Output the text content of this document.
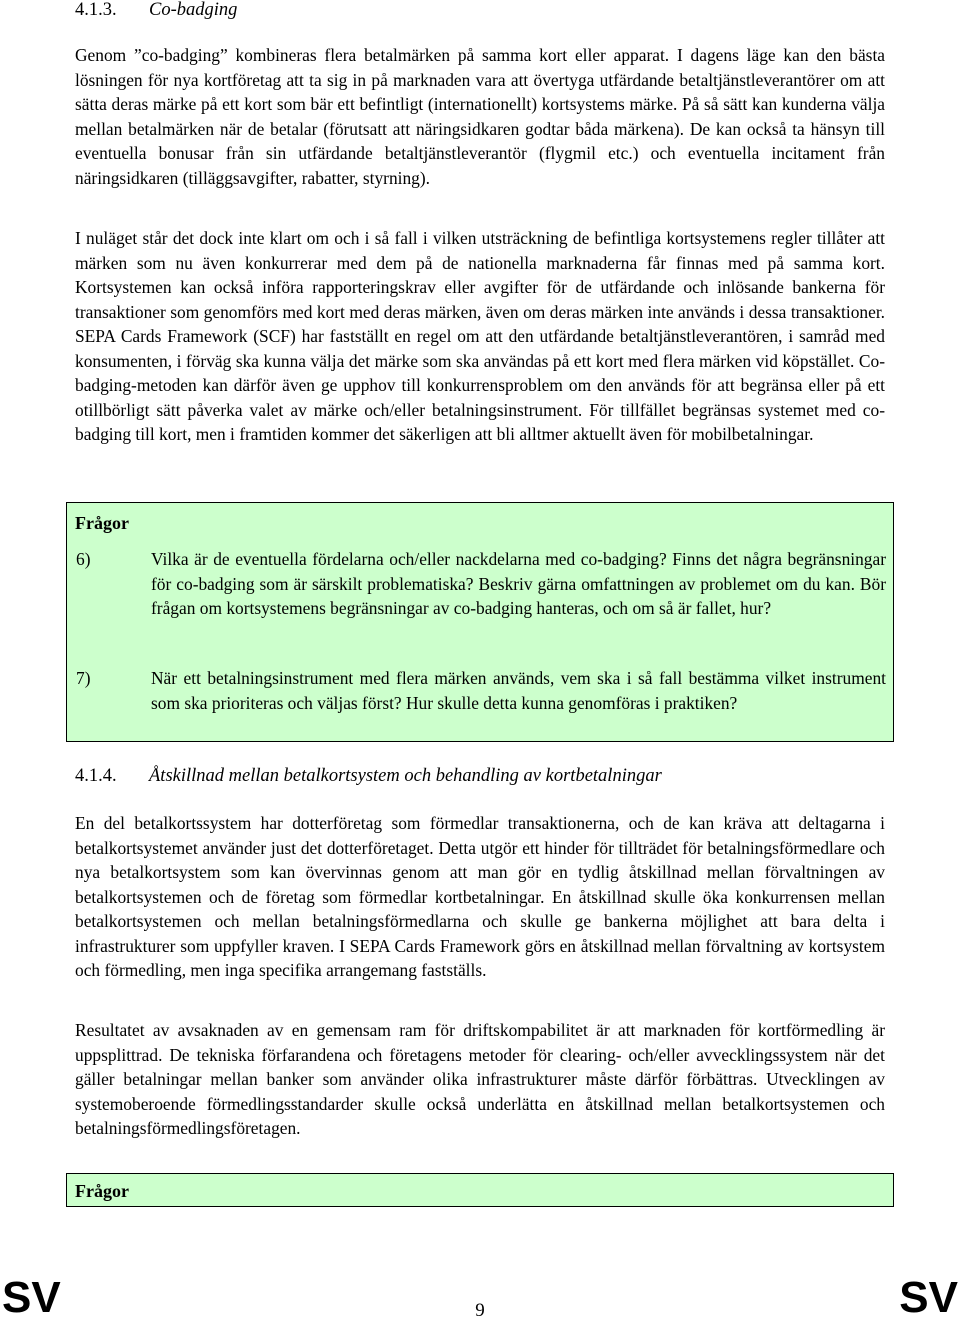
4.1.3. Co-badging

Genom ”co-badging” kombineras flera betalmärken på samma kort eller apparat. I dagens läge kan den bästa lösningen för nya kortföretag att ta sig in på marknaden vara att övertyga utfärdande betaltjänstleverantörer om att sätta deras märke på ett kort som bär ett befintligt (internationellt) kortsystems märke. På så sätt kan kunderna välja mellan betalmärken när de betalar (förutsatt att näringsidkaren godtar båda märkena). De kan också ta hänsyn till eventuella bonusar från sin utfärdande betaltjänstleverantör (flygmil etc.) och eventuella incitament från näringsidkaren (tilläggsavgifter, rabatter, styrning).

I nuläget står det dock inte klart om och i så fall i vilken utsträckning de befintliga kortsystemens regler tillåter att märken som nu även konkurrerar med dem på de nationella marknaderna får finnas med på samma kort. Kortsystemen kan också införa rapporteringskrav eller avgifter för de utfärdande och inlösande bankerna för transaktioner som genomförs med kort med deras märken, även om deras märken inte används i dessa transaktioner. SEPA Cards Framework (SCF) har fastställt en regel om att den utfärdande betaltjänstleverantören, i samråd med konsumenten, i förväg ska kunna välja det märke som ska användas på ett kort med flera märken vid köpstället. Co-badging-metoden kan därför även ge upphov till konkurrensproblem om den används för att begränsa eller på ett otillbörligt sätt påverka valet av märke och/eller betalningsinstrument. För tillfället begränsas systemet med co-badging till kort, men i framtiden kommer det säkerligen att bli alltmer aktuellt även för mobilbetalningar.

Frågor
6)	Vilka är de eventuella fördelarna och/eller nackdelarna med co-badging? Finns det några begränsningar för co-badging som är särskilt problematiska? Beskriv gärna omfattningen av problemet om du kan. Bör frågan om kortsystemens begränsningar av co-badging hanteras, och om så är fallet, hur?

7)	När ett betalningsinstrument med flera märken används, vem ska i så fall bestämma vilket instrument som ska prioriteras och väljas först? Hur skulle detta kunna genomföras i praktiken?

4.1.4. Åtskillnad mellan betalkortsystem och behandling av kortbetalningar

En del betalkortssystem har dotterföretag som förmedlar transaktionerna, och de kan kräva att deltagarna i betalkortsystemet använder just det dotterföretaget. Detta utgör ett hinder för tillträdet för betalningsförmedlare och nya betalkortsystem som kan övervinnas genom att man gör en tydlig åtskillnad mellan förvaltningen av betalkortsystemen och de företag som förmedlar kortbetalningar. En åtskillnad skulle öka konkurrensen mellan betalkortsystemen och mellan betalningsförmedlarna och skulle ge bankerna möjlighet att bara delta i infrastrukturer som uppfyller kraven. I SEPA Cards Framework görs en åtskillnad mellan förvaltning av kortsystem och förmedling, men inga specifika arrangemang fastställs.

Resultatet av avsaknaden av en gemensam ram för driftskompabilitet är att marknaden för kortförmedling är uppsplittrad. De tekniska förfarandena och företagens metoder för clearing- och/eller avvecklingssystem när det gäller betalningar mellan banker som använder olika infrastrukturer måste därför förbättras. Utvecklingen av systemoberoende förmedlingsstandarder skulle också underlätta en åtskillnad mellan betalkortsystemen och betalningsförmedlingsföretagen.

Frågor
SV	9	SV
